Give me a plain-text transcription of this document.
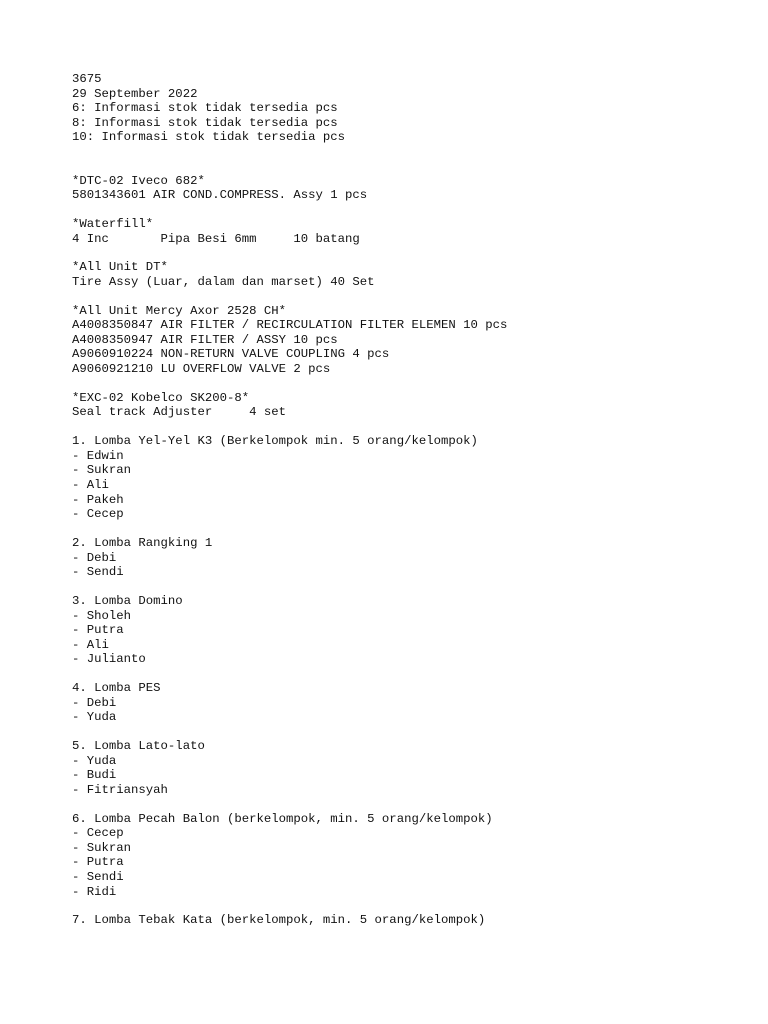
3675
29 September 2022
6: Informasi stok tidak tersedia pcs
8: Informasi stok tidak tersedia pcs
10: Informasi stok tidak tersedia pcs
*DTC-02 Iveco 682*
5801343601 AIR COND.COMPRESS. Assy 1 pcs
*Waterfill*
4 Inc       Pipa Besi 6mm     10 batang
*All Unit DT*
Tire Assy (Luar, dalam dan marset) 40 Set
*All Unit Mercy Axor 2528 CH*
A4008350847 AIR FILTER / RECIRCULATION FILTER ELEMEN 10 pcs
A4008350947 AIR FILTER / ASSY 10 pcs
A9060910224 NON-RETURN VALVE COUPLING 4 pcs
A9060921210 LU OVERFLOW VALVE 2 pcs
*EXC-02 Kobelco SK200-8*
Seal track Adjuster     4 set
1. Lomba Yel-Yel K3 (Berkelompok min. 5 orang/kelompok)
- Edwin
- Sukran
- Ali
- Pakeh
- Cecep
2. Lomba Rangking 1
- Debi
- Sendi
3. Lomba Domino
- Sholeh
- Putra
- Ali
- Julianto
4. Lomba PES
- Debi
- Yuda
5. Lomba Lato-lato
- Yuda
- Budi
- Fitriansyah
6. Lomba Pecah Balon (berkelompok, min. 5 orang/kelompok)
- Cecep
- Sukran
- Putra
- Sendi
- Ridi
7. Lomba Tebak Kata (berkelompok, min. 5 orang/kelompok)
